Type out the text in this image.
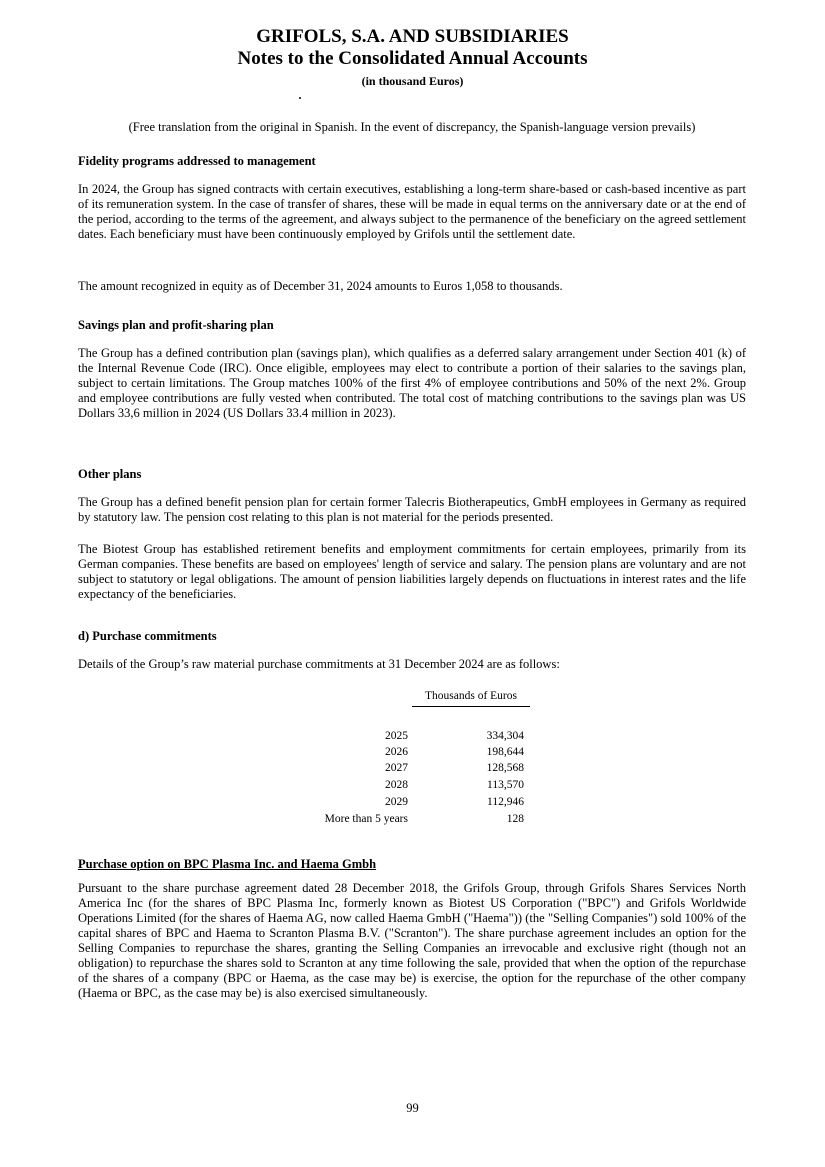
GRIFOLS, S.A. AND SUBSIDIARIES
Notes to the Consolidated Annual Accounts
(in thousand Euros)
(Free translation from the original in Spanish. In the event of discrepancy, the Spanish-language version prevails)
Fidelity programs addressed to management
In 2024, the Group has signed contracts with certain executives, establishing a long-term share-based or cash-based incentive as part of its remuneration system. In the case of transfer of shares, these will be made in equal terms on the anniversary date or at the end of the period, according to the terms of the agreement, and always subject to the permanence of the beneficiary on the agreed settlement dates. Each beneficiary must have been continuously employed by Grifols until the settlement date.
The amount recognized in equity as of December 31, 2024 amounts to Euros 1,058 to thousands.
Savings plan and profit-sharing plan
The Group has a defined contribution plan (savings plan), which qualifies as a deferred salary arrangement under Section 401 (k) of the Internal Revenue Code (IRC). Once eligible, employees may elect to contribute a portion of their salaries to the savings plan, subject to certain limitations. The Group matches 100% of the first 4% of employee contributions and 50% of the next 2%. Group and employee contributions are fully vested when contributed. The total cost of matching contributions to the savings plan was US Dollars 33,6 million in 2024 (US Dollars 33.4 million in 2023).
Other plans
The Group has a defined benefit pension plan for certain former Talecris Biotherapeutics, GmbH employees in Germany as required by statutory law. The pension cost relating to this plan is not material for the periods presented.
The Biotest Group has established retirement benefits and employment commitments for certain employees, primarily from its German companies. These benefits are based on employees' length of service and salary. The pension plans are voluntary and are not subject to statutory or legal obligations. The amount of pension liabilities largely depends on fluctuations in interest rates and the life expectancy of the beneficiaries.
d) Purchase commitments
Details of the Group’s raw material purchase commitments at 31 December 2024 are as follows:
Thousands of Euros
2025	334,304
2026	198,644
2027	128,568
2028	113,570
2029	112,946
More than 5 years	128
Purchase option on BPC Plasma Inc. and Haema Gmbh
Pursuant to the share purchase agreement dated 28 December 2018, the Grifols Group, through Grifols Shares Services North America Inc (for the shares of BPC Plasma Inc, formerly known as Biotest US Corporation ("BPC") and Grifols Worldwide Operations Limited (for the shares of Haema AG, now called Haema GmbH ("Haema")) (the "Selling Companies") sold 100% of the capital shares of BPC and Haema to Scranton Plasma B.V. ("Scranton"). The share purchase agreement includes an option for the Selling Companies to repurchase the shares, granting the Selling Companies an irrevocable and exclusive right (though not an obligation) to repurchase the shares sold to Scranton at any time following the sale, provided that when the option of the repurchase of the shares of a company (BPC or Haema, as the case may be) is exercise, the option for the repurchase of the other company (Haema or BPC, as the case may be) is also exercised simultaneously.
99
